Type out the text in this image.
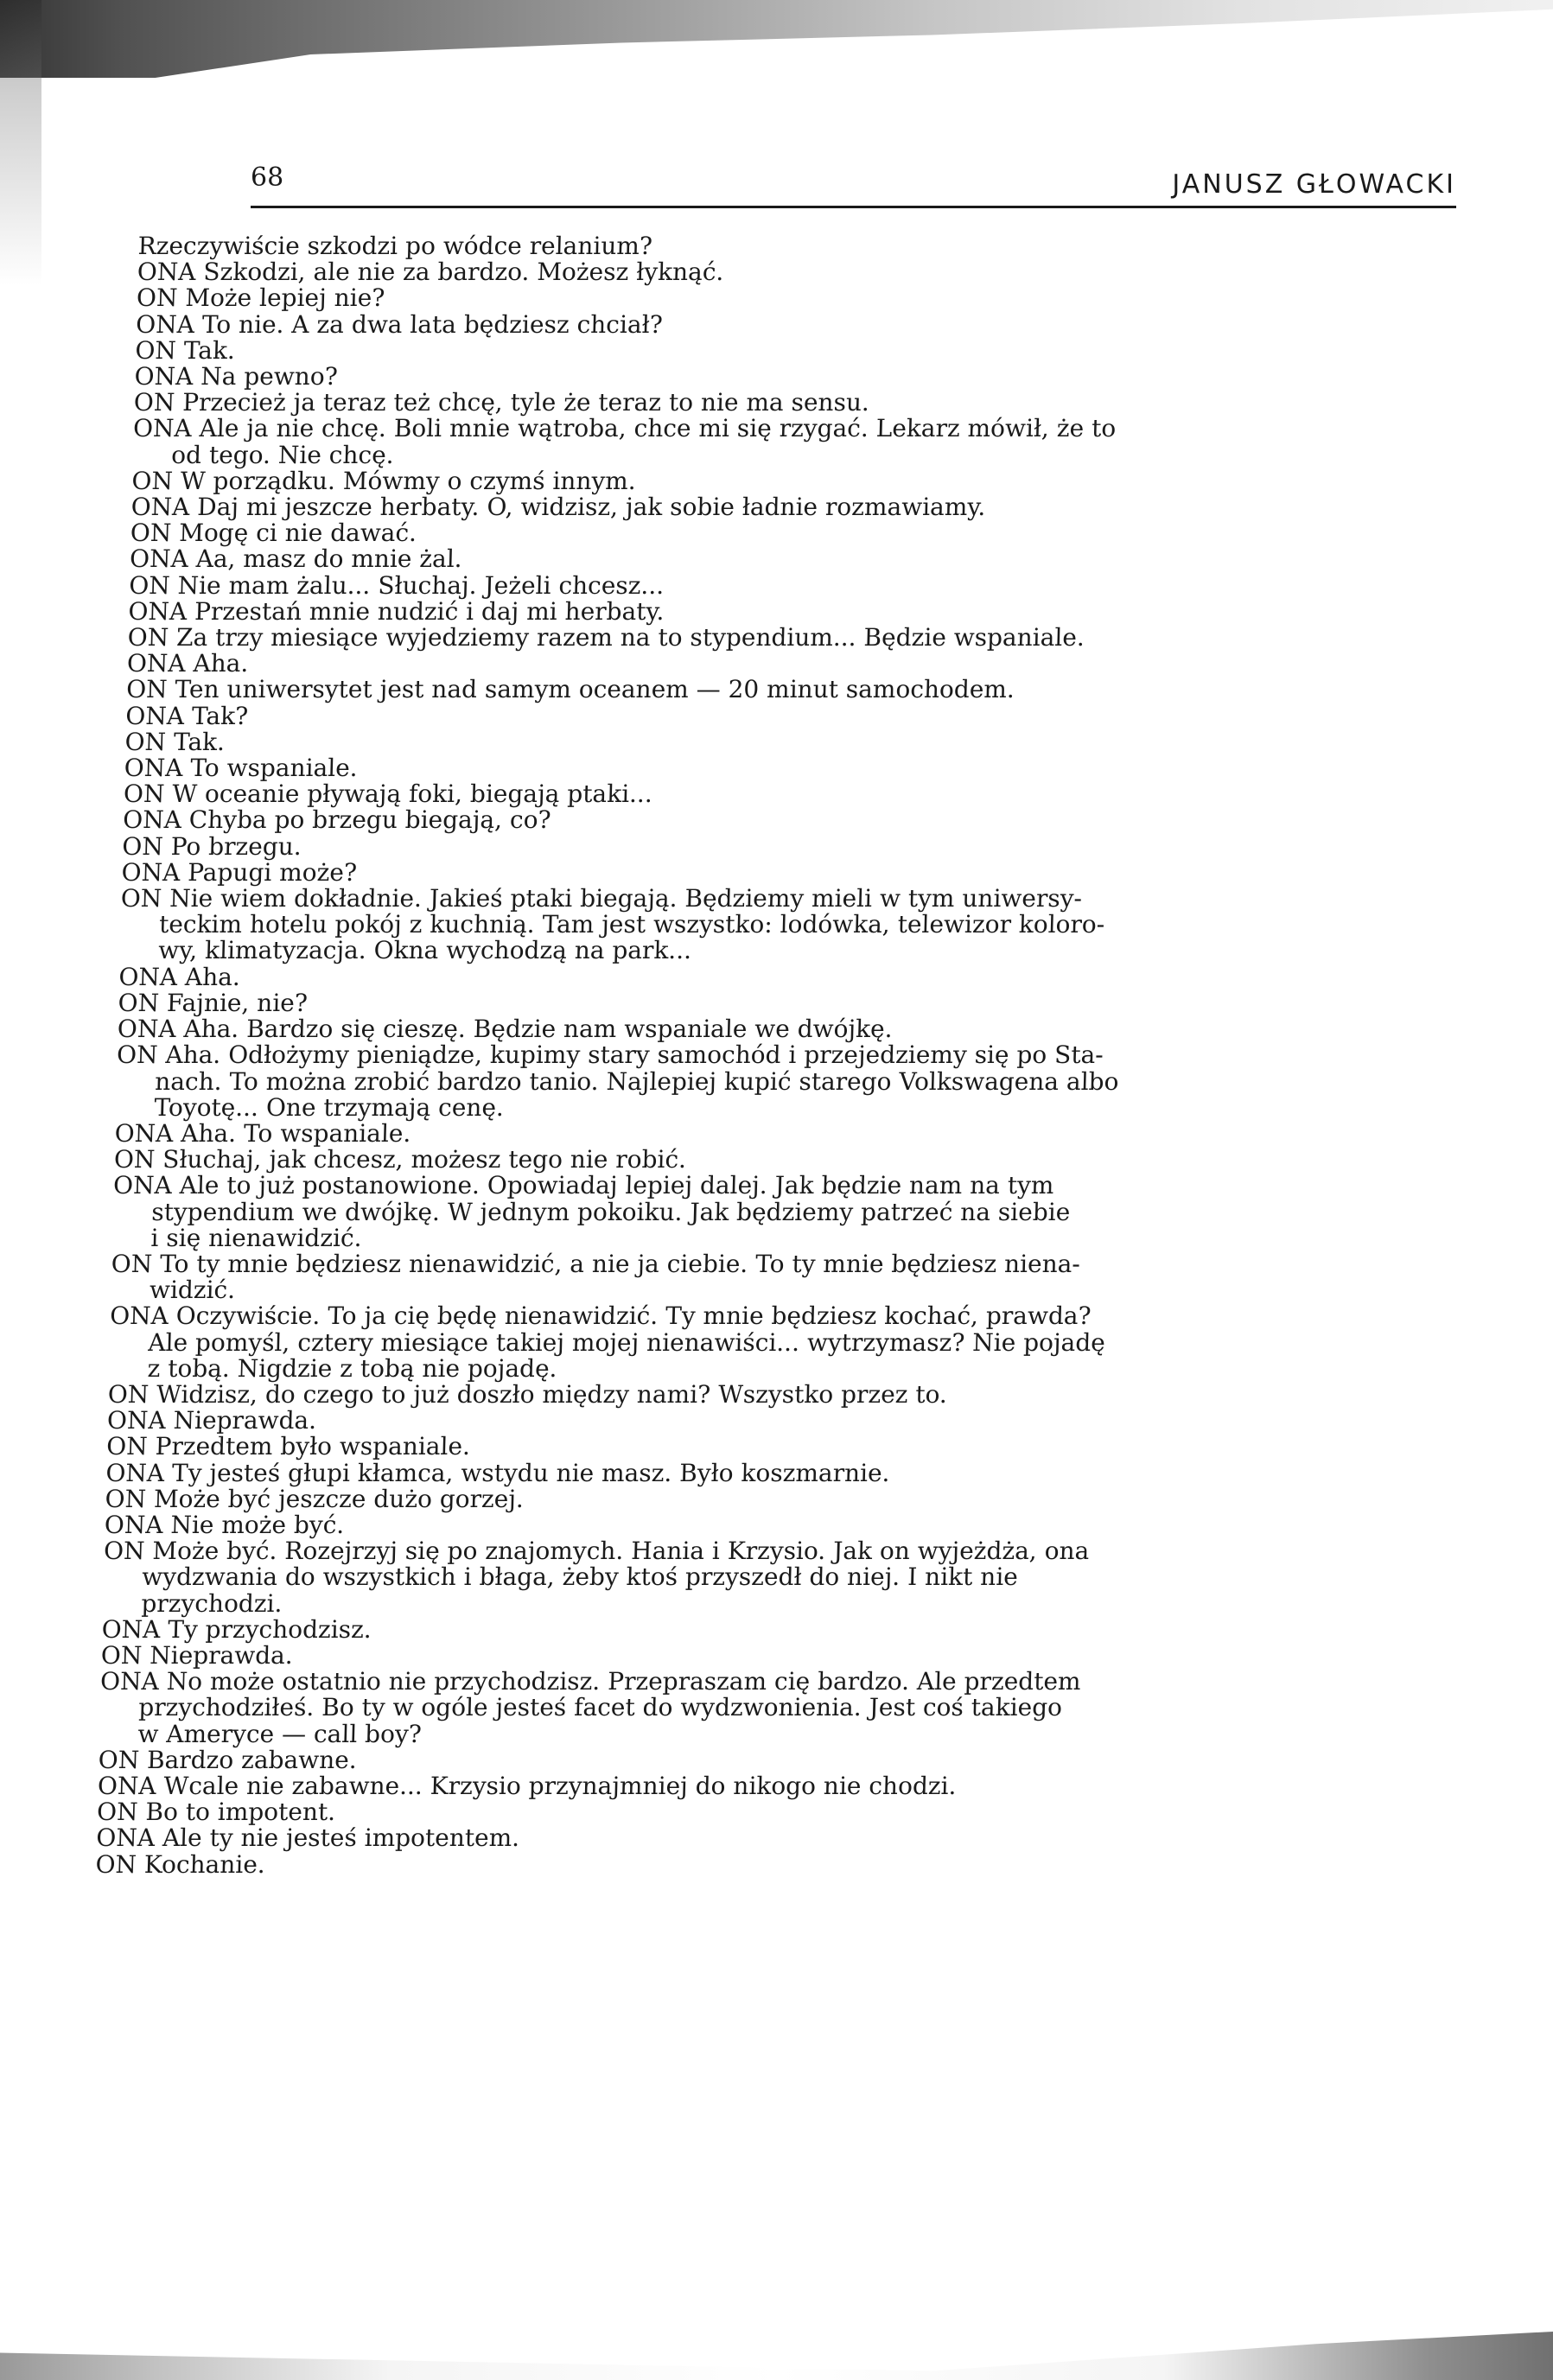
68	JANUSZ GŁOWACKI
Rzeczywiście szkodzi po wódce relanium?
ONA Szkodzi, ale nie za bardzo. Możesz łyknąć.
ON Może lepiej nie?
ONA To nie. A za dwa lata będziesz chciał?
ON Tak.
ONA Na pewno?
ON Przecież ja teraz też chcę, tyle że teraz to nie ma sensu.
ONA Ale ja nie chcę. Boli mnie wątroba, chce mi się rzygać. Lekarz mówił, że to
od tego. Nie chcę.
ON W porządku. Mówmy o czymś innym.
ONA Daj mi jeszcze herbaty. O, widzisz, jak sobie ładnie rozmawiamy.
ON Mogę ci nie dawać.
ONA Aa, masz do mnie żal.
ON Nie mam żalu... Słuchaj. Jeżeli chcesz...
ONA Przestań mnie nudzić i daj mi herbaty.
ON Za trzy miesiące wyjedziemy razem na to stypendium... Będzie wspaniale.
ONA Aha.
ON Ten uniwersytet jest nad samym oceanem — 20 minut samochodem.
ONA Tak?
ON Tak.
ONA To wspaniale.
ON W oceanie pływają foki, biegają ptaki...
ONA Chyba po brzegu biegają, co?
ON Po brzegu.
ONA Papugi może?
ON Nie wiem dokładnie. Jakieś ptaki biegają. Będziemy mieli w tym uniwersy-
teckim hotelu pokój z kuchnią. Tam jest wszystko: lodówka, telewizor koloro-
wy, klimatyzacja. Okna wychodzą na park...
ONA Aha.
ON Fajnie, nie?
ONA Aha. Bardzo się cieszę. Będzie nam wspaniale we dwójkę.
ON Aha. Odłożymy pieniądze, kupimy stary samochód i przejedziemy się po Sta-
nach. To można zrobić bardzo tanio. Najlepiej kupić starego Volkswagena albo
Toyotę... One trzymają cenę.
ONA Aha. To wspaniale.
ON Słuchaj, jak chcesz, możesz tego nie robić.
ONA Ale to już postanowione. Opowiadaj lepiej dalej. Jak będzie nam na tym
stypendium we dwójkę. W jednym pokoiku. Jak będziemy patrzeć na siebie
i się nienawidzić.
ON To ty mnie będziesz nienawidzić, a nie ja ciebie. To ty mnie będziesz niena-
widzić.
ONA Oczywiście. To ja cię będę nienawidzić. Ty mnie będziesz kochać, prawda?
Ale pomyśl, cztery miesiące takiej mojej nienawiści... wytrzymasz? Nie pojadę
z tobą. Nigdzie z tobą nie pojadę.
ON Widzisz, do czego to już doszło między nami? Wszystko przez to.
ONA Nieprawda.
ON Przedtem było wspaniale.
ONA Ty jesteś głupi kłamca, wstydu nie masz. Było koszmarnie.
ON Może być jeszcze dużo gorzej.
ONA Nie może być.
ON Może być. Rozejrzyj się po znajomych. Hania i Krzysio. Jak on wyjeżdża, ona
wydzwania do wszystkich i błaga, żeby ktoś przyszedł do niej. I nikt nie
przychodzi.
ONA Ty przychodzisz.
ON Nieprawda.
ONA No może ostatnio nie przychodzisz. Przepraszam cię bardzo. Ale przedtem
przychodziłeś. Bo ty w ogóle jesteś facet do wydzwonienia. Jest coś takiego
w Ameryce — call boy?
ON Bardzo zabawne.
ONA Wcale nie zabawne... Krzysio przynajmniej do nikogo nie chodzi.
ON Bo to impotent.
ONA Ale ty nie jesteś impotentem.
ON Kochanie.
